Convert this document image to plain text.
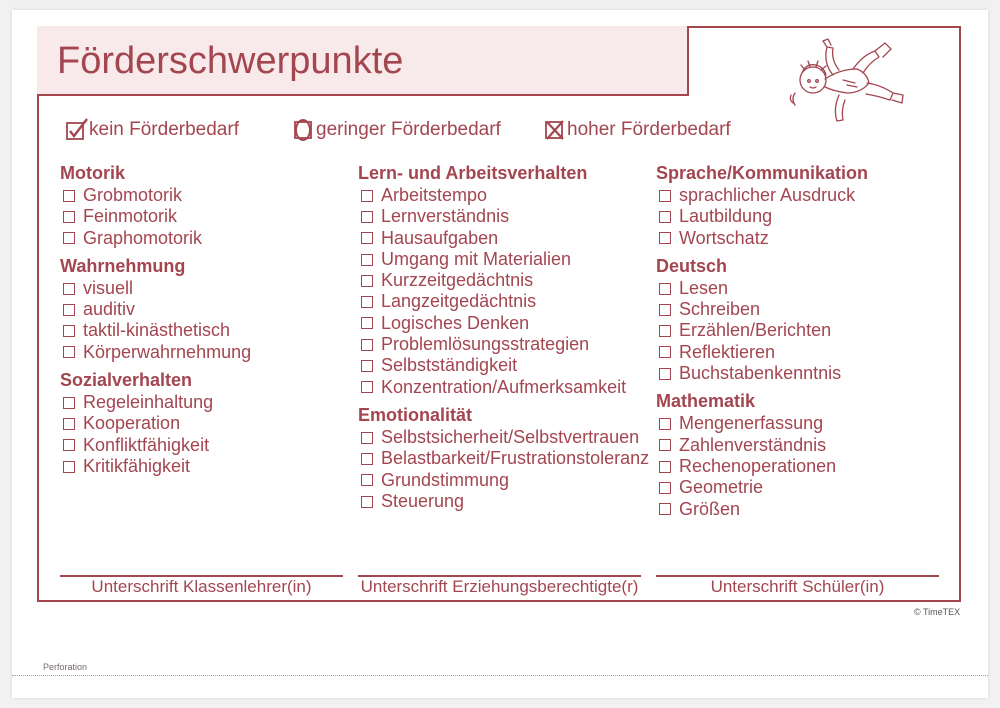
Förderschwerpunkte
kein Förderbedarf	geringer Förderbedarf	hoher Förderbedarf
Motorik
Grobmotorik
Feinmotorik
Graphomotorik
Wahrnehmung
visuell
auditiv
taktil-kinästhetisch
Körperwahrnehmung
Sozialverhalten
Regeleinhaltung
Kooperation
Konfliktfähigkeit
Kritikfähigkeit
Lern- und Arbeitsverhalten
Arbeitstempo
Lernverständnis
Hausaufgaben
Umgang mit Materialien
Kurzzeitgedächtnis
Langzeitgedächtnis
Logisches Denken
Problemlösungsstrategien
Selbstständigkeit
Konzentration/Aufmerksamkeit
Emotionalität
Selbstsicherheit/Selbstvertrauen
Belastbarkeit/Frustrationstoleranz
Grundstimmung
Steuerung
Sprache/Kommunikation
sprachlicher Ausdruck
Lautbildung
Wortschatz
Deutsch
Lesen
Schreiben
Erzählen/Berichten
Reflektieren
Buchstabenkenntnis
Mathematik
Mengenerfassung
Zahlenverständnis
Rechenoperationen
Geometrie
Größen
Unterschrift Klassenlehrer(in)	Unterschrift Erziehungsberechtigte(r)	Unterschrift Schüler(in)
© TimeTEX
Perforation
